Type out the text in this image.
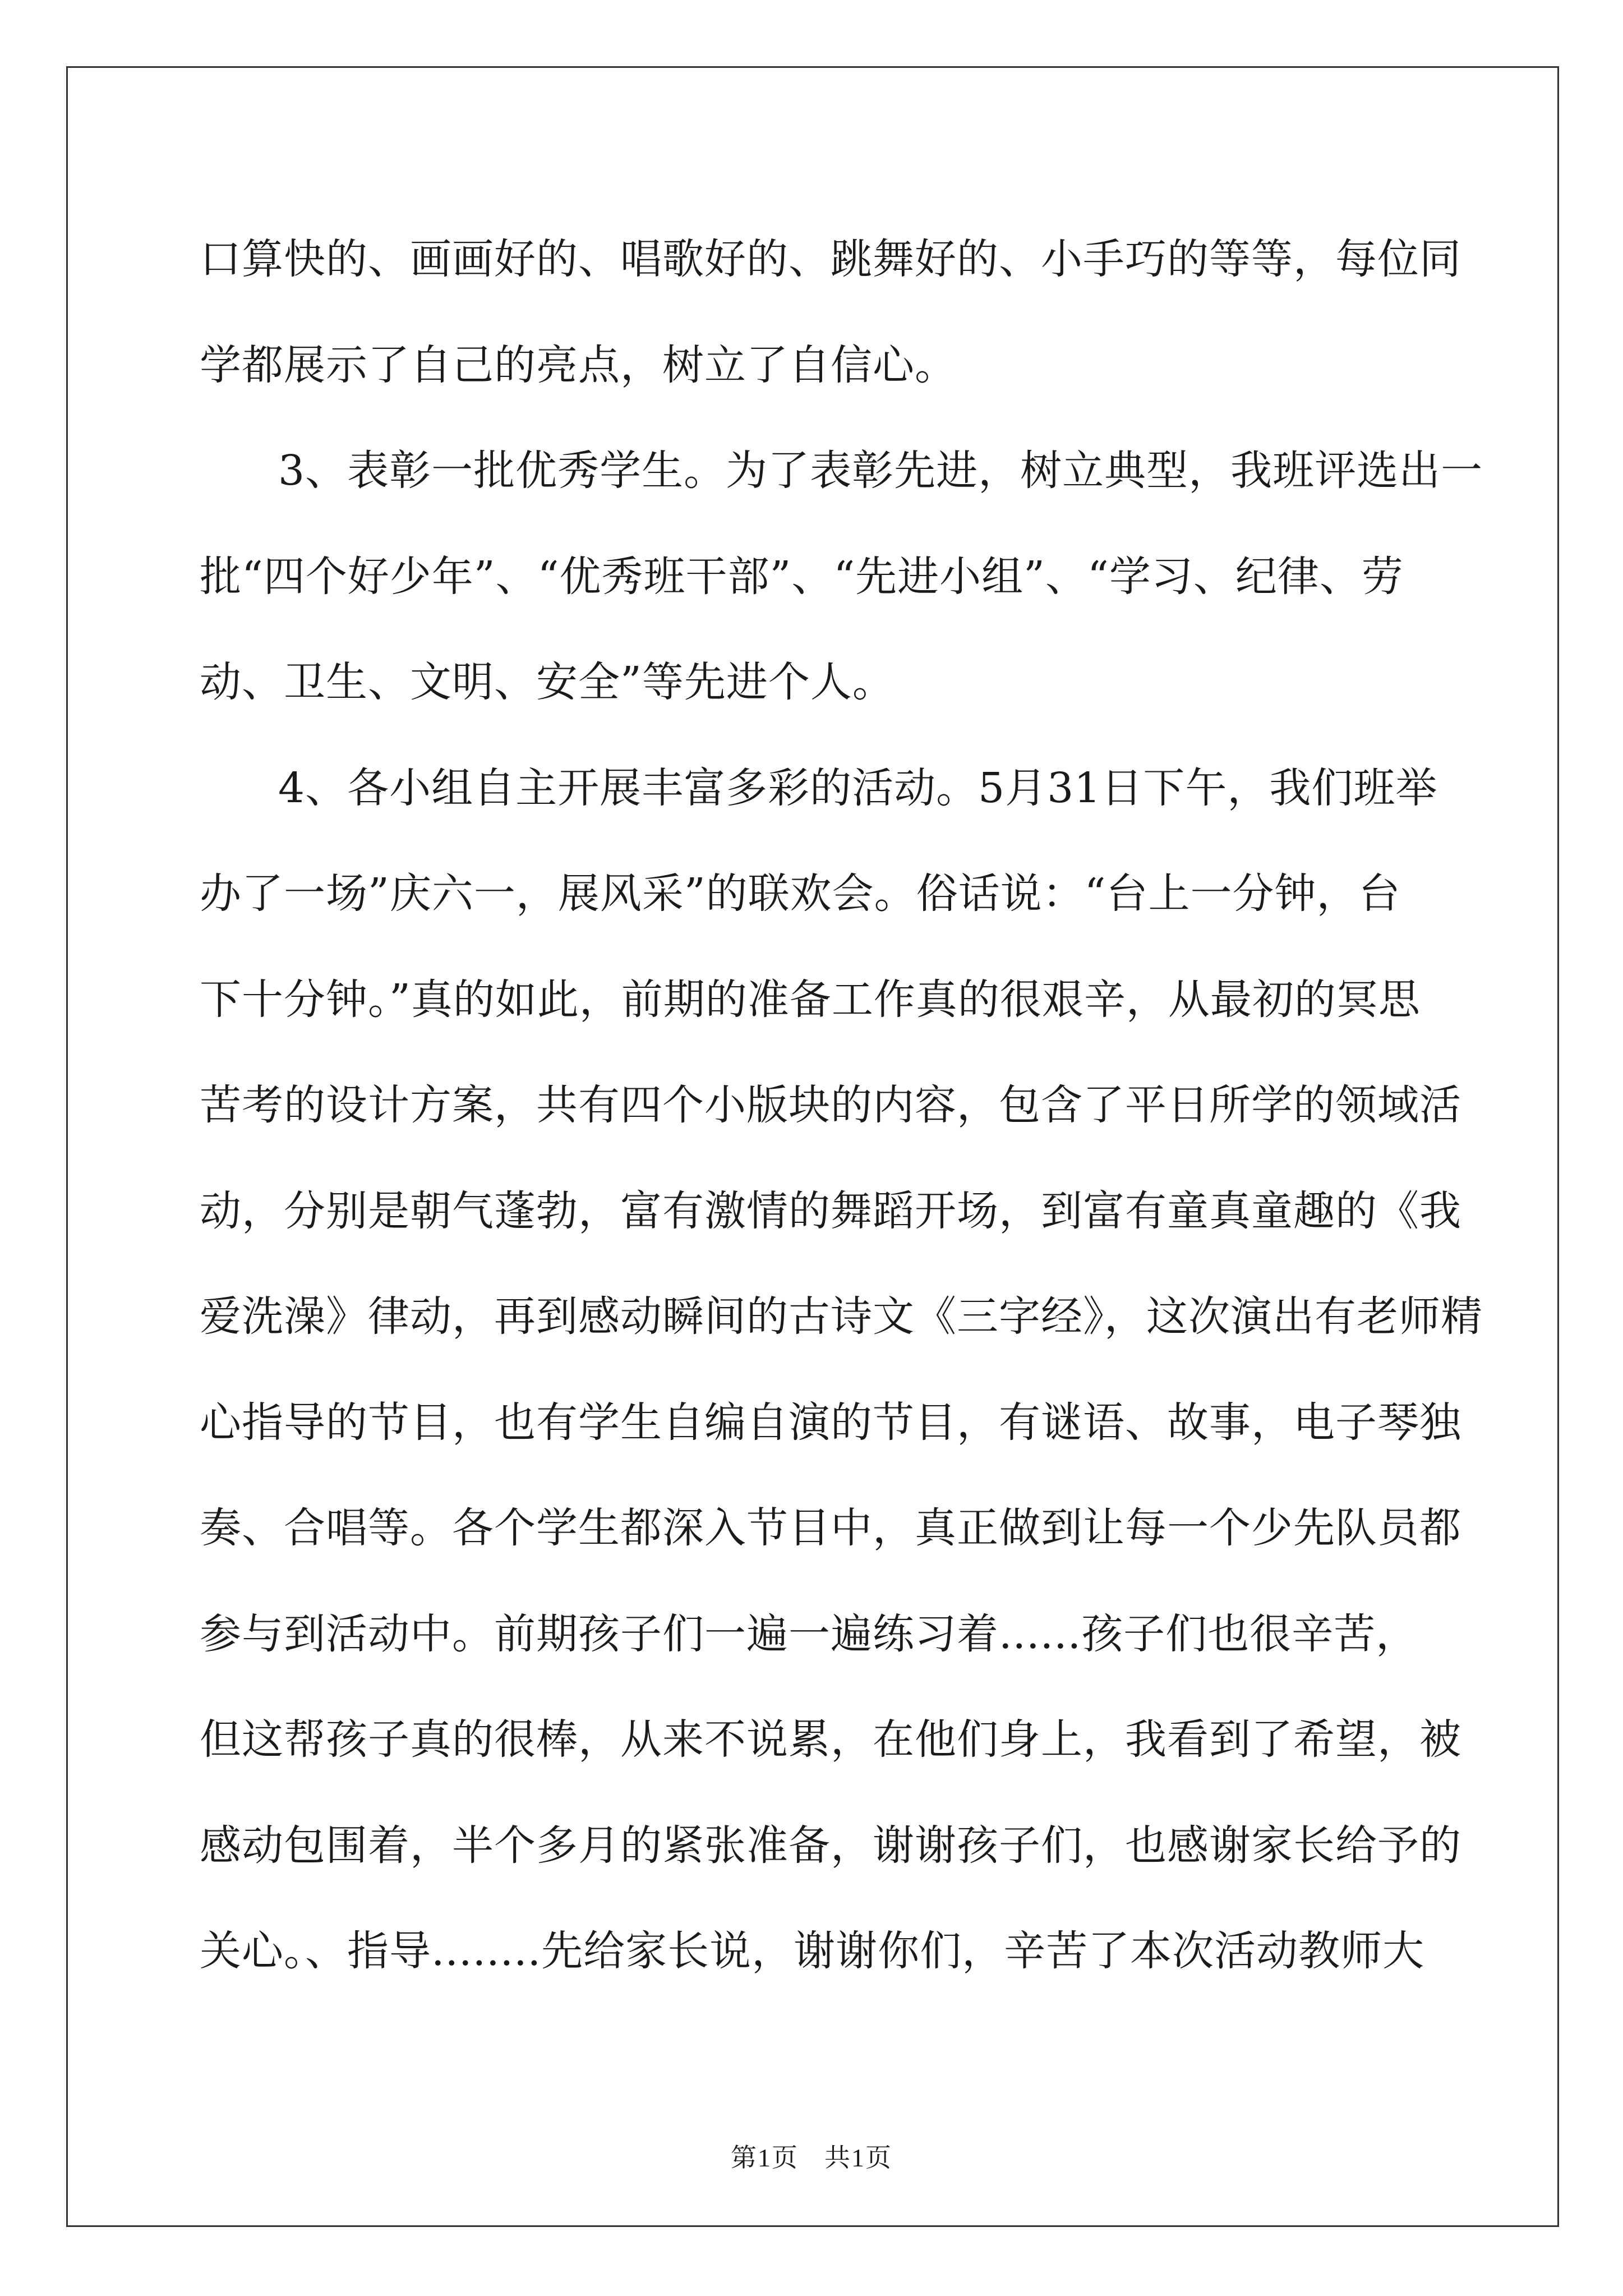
口算快的、画画好的、唱歌好的、跳舞好的、小手巧的等等，每位同
学都展示了自己的亮点，树立了自信心。
3、表彰一批优秀学生。为了表彰先进，树立典型，我班评选出一
批“四个好少年”、“优秀班干部”、“先进小组”、“学习、纪律、劳
动、卫生、文明、安全”等先进个人。
4、各小组自主开展丰富多彩的活动。5月31日下午，我们班举
办了一场”庆六一，展风采”的联欢会。俗话说：“台上一分钟，台
下十分钟。”真的如此，前期的准备工作真的很艰辛，从最初的冥思
苦考的设计方案，共有四个小版块的内容，包含了平日所学的领域活
动，分别是朝气蓬勃，富有激情的舞蹈开场，到富有童真童趣的《我
爱洗澡》律动，再到感动瞬间的古诗文《三字经》，这次演出有老师精
心指导的节目，也有学生自编自演的节目，有谜语、故事，电子琴独
奏、合唱等。各个学生都深入节目中，真正做到让每一个少先队员都
参与到活动中。前期孩子们一遍一遍练习着......孩子们也很辛苦，
但这帮孩子真的很棒，从来不说累，在他们身上，我看到了希望，被
感动包围着，半个多月的紧张准备，谢谢孩子们，也感谢家长给予的
关心。、指导........先给家长说，谢谢你们，辛苦了本次活动教师大
第1页 共1页
